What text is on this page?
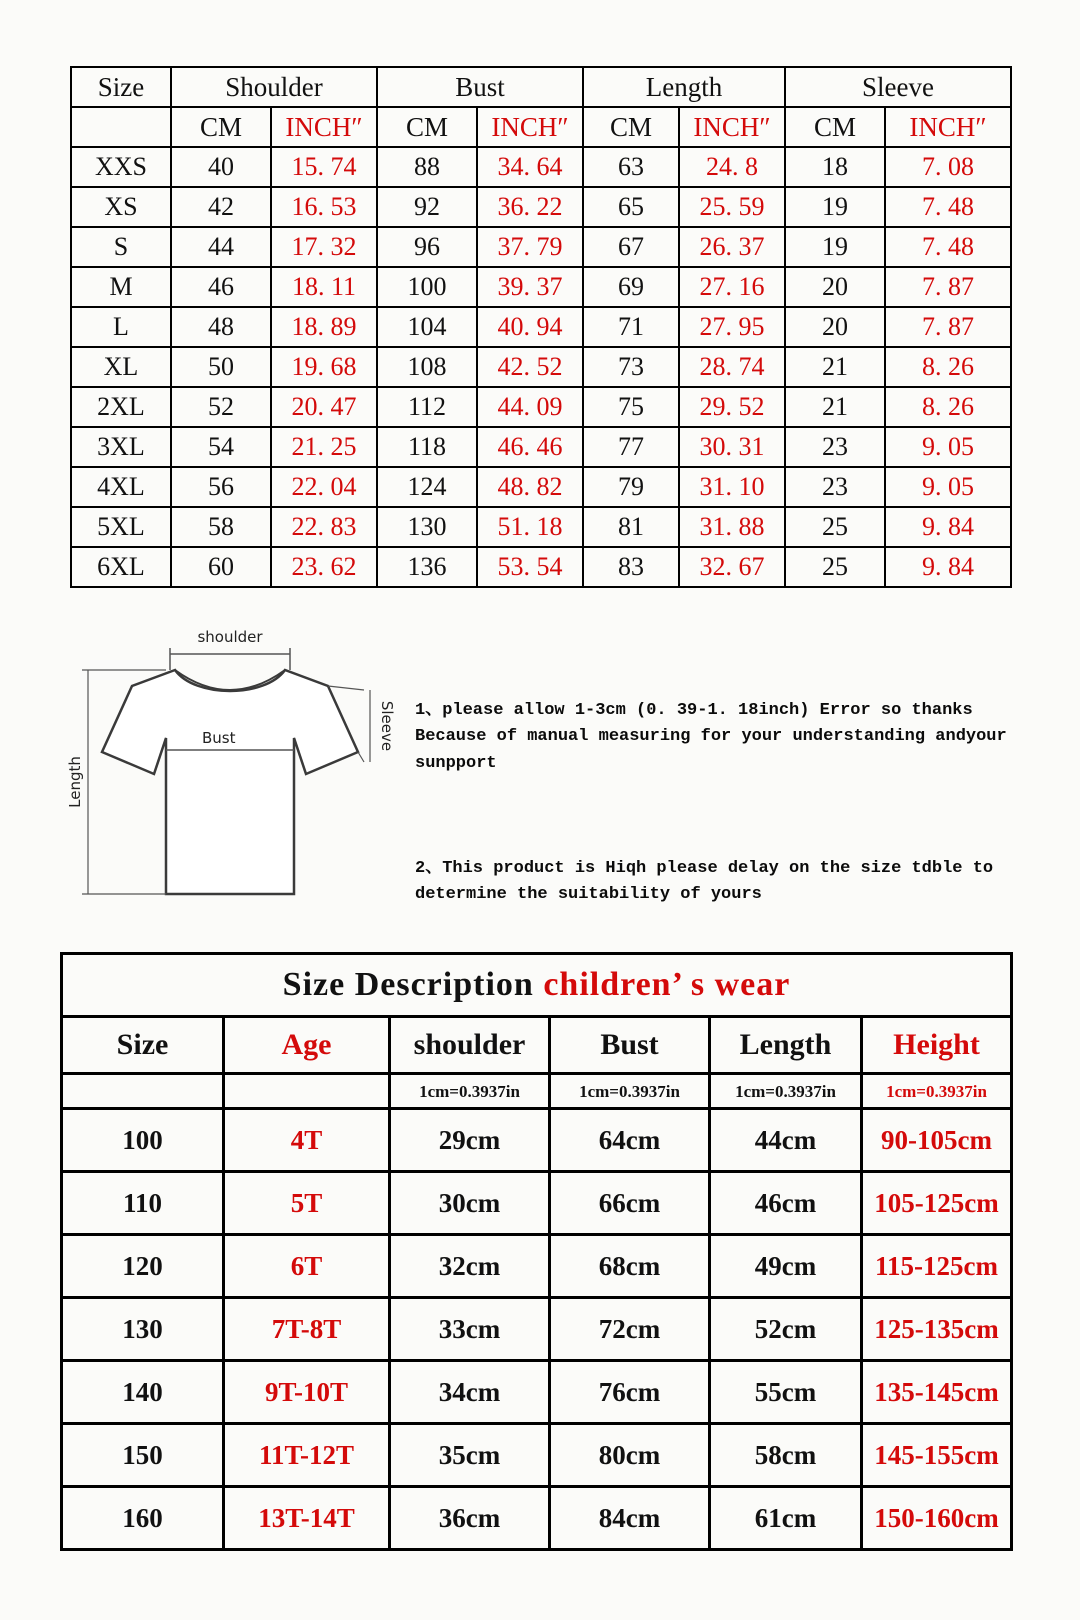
Size	Shoulder		Bust		Length		Sleeve	
	CM	INCH″	CM	INCH″	CM	INCH″	CM	INCH″
XXS	40	15. 74	88	34. 64	63	24. 8	18	7. 08
XS	42	16. 53	92	36. 22	65	25. 59	19	7. 48
S	44	17. 32	96	37. 79	67	26. 37	19	7. 48
M	46	18. 11	100	39. 37	69	27. 16	20	7. 87
L	48	18. 89	104	40. 94	71	27. 95	20	7. 87
XL	50	19. 68	108	42. 52	73	28. 74	21	8. 26
2XL	52	20. 47	112	44. 09	75	29. 52	21	8. 26
3XL	54	21. 25	118	46. 46	77	30. 31	23	9. 05
4XL	56	22. 04	124	48. 82	79	31. 10	23	9. 05
5XL	58	22. 83	130	51. 18	81	31. 88	25	9. 84
6XL	60	23. 62	136	53. 54	83	32. 67	25	9. 84
shoulder
Bust
Length
Sleeve 1、please allow 1-3cm (0. 39-1. 18inch) Error so thanks
Because of manual measuring for your understanding andyour
sunpport
2、This product is Hiqh please delay on the size tdble to
determine the suitability of yours
Size Description children’ s wear					
Size	Age	shoulder	Bust	Length	Height
		1cm=0.3937in	1cm=0.3937in	1cm=0.3937in	1cm=0.3937in
100	4T	29cm	64cm	44cm	90-105cm
110	5T	30cm	66cm	46cm	105-125cm
120	6T	32cm	68cm	49cm	115-125cm
130	7T-8T	33cm	72cm	52cm	125-135cm
140	9T-10T	34cm	76cm	55cm	135-145cm
150	11T-12T	35cm	80cm	58cm	145-155cm
160	13T-14T	36cm	84cm	61cm	150-160cm
